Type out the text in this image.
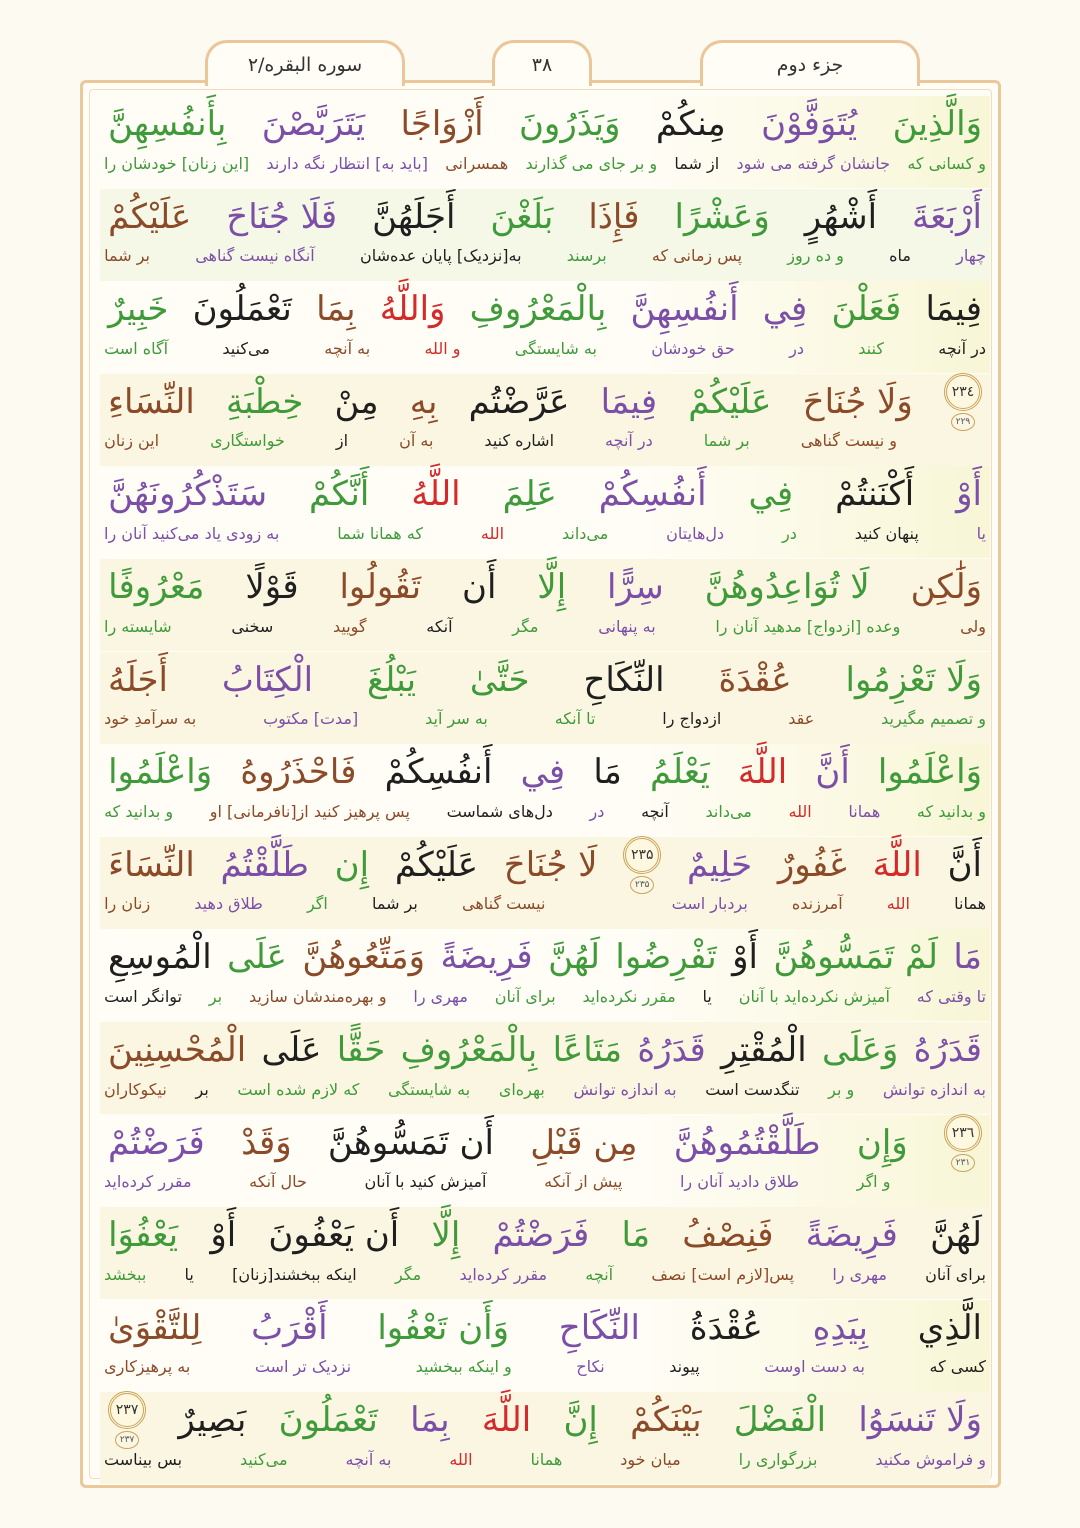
جزء دوم
۳۸
سوره البقره/۲
وَالَّذِينَ
يُتَوَفَّوْنَ
مِنكُمْ
وَيَذَرُونَ
أَزْوَاجًا
يَتَرَبَّصْنَ
بِأَنفُسِهِنَّ
و کسانی که
جانشان گرفته می شود
از شما
و بر جای می گذارند
همسرانی
[باید به] انتظار نگه دارند
[این زنان] خودشان را
أَرْبَعَةَ
أَشْهُرٍ
وَعَشْرًا
فَإِذَا
بَلَغْنَ
أَجَلَهُنَّ
فَلَا جُنَاحَ
عَلَيْكُمْ
چهار
ماه
و ده روز
پس زمانی که
برسند
به[نزدیک] پایان عده‌شان
آنگاه نیست گناهی
بر شما
فِيمَا
فَعَلْنَ
فِي
أَنفُسِهِنَّ
بِالْمَعْرُوفِ
وَاللَّهُ
بِمَا
تَعْمَلُونَ
خَبِيرٌ
در آنچه
کنند
در
حق خودشان
به شایستگی
و الله
به آنچه
می‌کنید
آگاه است
۲۳٤
۲۲۹
وَلَا جُنَاحَ
عَلَيْكُمْ
فِيمَا
عَرَّضْتُم
بِهِ
مِنْ
خِطْبَةِ
النِّسَاءِ
و نیست گناهی
بر شما
در آنچه
اشاره کنید
به آن
از
خواستگاری
این زنان
أَوْ
أَكْنَنتُمْ
فِي
أَنفُسِكُمْ
عَلِمَ
اللَّهُ
أَنَّكُمْ
سَتَذْكُرُونَهُنَّ
یا
پنهان کنید
در
دل‌هایتان
می‌داند
الله
که همانا شما
به زودی یاد می‌کنید آنان را
وَلَٰكِن
لَا تُوَاعِدُوهُنَّ
سِرًّا
إِلَّا
أَن
تَقُولُوا
قَوْلًا
مَعْرُوفًا
ولی
وعده [ازدواج] مدهید آنان را
به پنهانی
مگر
آنکه
گویید
سخنی
شایسته را
وَلَا تَعْزِمُوا
عُقْدَةَ
النِّكَاحِ
حَتَّىٰ
يَبْلُغَ
الْكِتَابُ
أَجَلَهُ
و تصمیم مگیرید
عقد
ازدواج را
تا آنکه
به سر آید
[مدت] مکتوب
به سرآمدِ خود
وَاعْلَمُوا
أَنَّ
اللَّهَ
يَعْلَمُ
مَا
فِي
أَنفُسِكُمْ
فَاحْذَرُوهُ
وَاعْلَمُوا
و بدانید که
همانا
الله
می‌داند
آنچه
در
دل‌های شماست
پس پرهیز کنید از[نافرمانی] او
و بدانید که
أَنَّ
اللَّهَ
غَفُورٌ
حَلِيمٌ
۲۳۵
۲۳۵
لَا جُنَاحَ
عَلَيْكُمْ
إِن
طَلَّقْتُمُ
النِّسَاءَ
همانا
الله
آمرزنده
بردبار است
نیست گناهی
بر شما
اگر
طلاق دهید
زنان را
مَا
لَمْ تَمَسُّوهُنَّ
أَوْ
تَفْرِضُوا
لَهُنَّ
فَرِيضَةً
وَمَتِّعُوهُنَّ
عَلَى
الْمُوسِعِ
تا وقتی که
آمیزش نکرده‌اید با آنان
یا
مقرر نکرده‌اید
برای آنان
مهری را
و بهره‌مندشان سازید
بر
توانگر است
قَدَرُهُ
وَعَلَى
الْمُقْتِرِ
قَدَرُهُ
مَتَاعًا
بِالْمَعْرُوفِ
حَقًّا
عَلَى
الْمُحْسِنِينَ
به اندازه توانش
و بر
تنگدست است
به اندازه توانش
بهره‌ای
به شایستگی
که لازم شده است
بر
نیکوکاران
۲۳٦
۲۳۱
وَإِن
طَلَّقْتُمُوهُنَّ
مِن قَبْلِ
أَن تَمَسُّوهُنَّ
وَقَدْ
فَرَضْتُمْ
و اگر
طلاق دادید آنان را
پیش از آنکه
آمیزش کنید با آنان
حال آنکه
مقرر کرده‌اید
لَهُنَّ
فَرِيضَةً
فَنِصْفُ
مَا
فَرَضْتُمْ
إِلَّا
أَن يَعْفُونَ
أَوْ
يَعْفُوَا
برای آنان
مهری را
پس[لازم است] نصف
آنچه
مقرر کرده‌اید
مگر
اینکه ببخشند[زنان]
یا
ببخشد
الَّذِي
بِيَدِهِ
عُقْدَةُ
النِّكَاحِ
وَأَن تَعْفُوا
أَقْرَبُ
لِلتَّقْوَىٰ
کسی که
به دست اوست
پیوند
نکاح
و اینکه ببخشید
نزدیک تر است
به پرهیزکاری
وَلَا تَنسَوُا
الْفَضْلَ
بَيْنَكُمْ
إِنَّ
اللَّهَ
بِمَا
تَعْمَلُونَ
بَصِيرٌ
۲۳۷
۲۳۷
و فراموش مکنید
بزرگواری را
میان خود
همانا
الله
به آنچه
می‌کنید
بس بیناست
